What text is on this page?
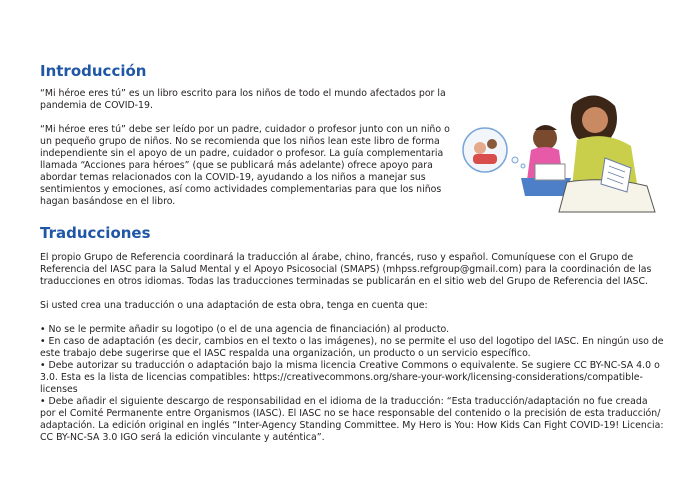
Introducción

“Mi héroe eres tú” es un libro escrito para los niños de todo el mundo afectados por la pandemia de COVID-19.

“Mi héroe eres tú” debe ser leído por un padre, cuidador o profesor junto con un niño o un pequeño grupo de niños. No se recomienda que los niños lean este libro de forma independiente sin el apoyo de un padre, cuidador o profesor. La guía complementaria llamada “Acciones para héroes” (que se publicará más adelante) ofrece apoyo para abordar temas relacionados con la COVID-19, ayudando a los niños a manejar sus sentimientos y emociones, así como actividades complementarias para que los niños hagan basándose en el libro.

Traducciones

El propio Grupo de Referencia coordinará la traducción al árabe, chino, francés, ruso y español. Comuníquese con el Grupo de Referencia del IASC para la Salud Mental y el Apoyo Psicosocial (SMAPS) (mhpss.refgroup@gmail.com) para la coordinación de las traducciones en otros idiomas. Todas las traducciones terminadas se publicarán en el sitio web del Grupo de Referencia del IASC.

Si usted crea una traducción o una adaptación de esta obra, tenga en cuenta que:

• No se le permite añadir su logotipo (o el de una agencia de financiación) al producto.
• En caso de adaptación (es decir, cambios en el texto o las imágenes), no se permite el uso del logotipo del IASC. En ningún uso de este trabajo debe sugerirse que el IASC respalda una organización, un producto o un servicio específico.
• Debe autorizar su traducción o adaptación bajo la misma licencia Creative Commons o equivalente. Se sugiere CC BY-NC-SA 4.0 o 3.0. Esta es la lista de licencias compatibles: https://creativecommons.org/share-your-work/licensing-considerations/compatible-licenses
• Debe añadir el siguiente descargo de responsabilidad en el idioma de la traducción: “Esta traducción/adaptación no fue creada por el Comité Permanente entre Organismos (IASC). El IASC no se hace responsable del contenido o la precisión de esta traducción/ adaptación. La edición original en inglés “Inter-Agency Standing Committee. My Hero is You: How Kids Can Fight COVID-19! Licencia: CC BY-NC-SA 3.0 IGO será la edición vinculante y auténtica”.
